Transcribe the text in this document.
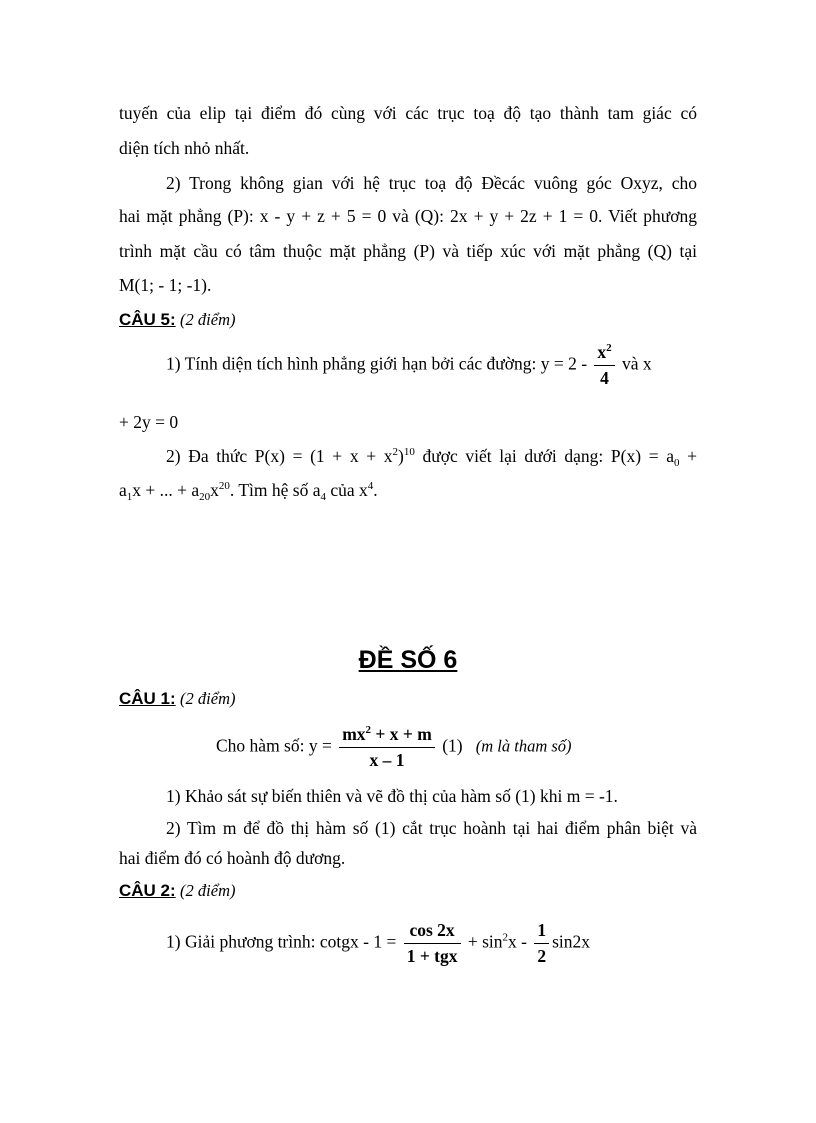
tuyến của elip tại điểm đó cùng với các trục toạ độ tạo thành tam giác có
diện tích nhỏ nhất.
2) Trong không gian với hệ trục toạ độ Đềcác vuông góc Oxyz, cho
hai mặt phẳng (P): x - y + z + 5 = 0 và (Q): 2x + y + 2z + 1 = 0. Viết phương
trình mặt cầu có tâm thuộc mặt phẳng (P) và tiếp xúc với mặt phẳng (Q) tại
M(1; - 1; -1).
CÂU 5: (2 điểm)
1) Tính diện tích hình phẳng giới hạn bởi các đường: $y = 2 - \frac{x^2}{4}$ và x
+ 2y = 0
2) Đa thức $P(x) = (1 + x + x^2)^{10}$ được viết lại dưới dạng: $P(x) = a_0$ +
$a_1x$ + ... + $a_{20}x^{20}$. Tìm hệ số $a_4$ của $x^4$.
ĐỀ SỐ 6
CÂU 1: (2 điểm)
Cho hàm số: $y = \frac{mx^2 + x + m}{x - 1} (1)$ (m là tham số)
1) Khảo sát sự biến thiên và vẽ đồ thị của hàm số (1) khi m = -1.
2) Tìm m để đồ thị hàm số (1) cắt trục hoành tại hai điểm phân biệt và
hai điểm đó có hoành độ dương.
CÂU 2: (2 điểm)
1) Giải phương trình: cotgx - $1 = \frac{\cos 2x}{\text{1 + tgx}} + \sin^2x - \frac{1}{2} \sin 2x$
